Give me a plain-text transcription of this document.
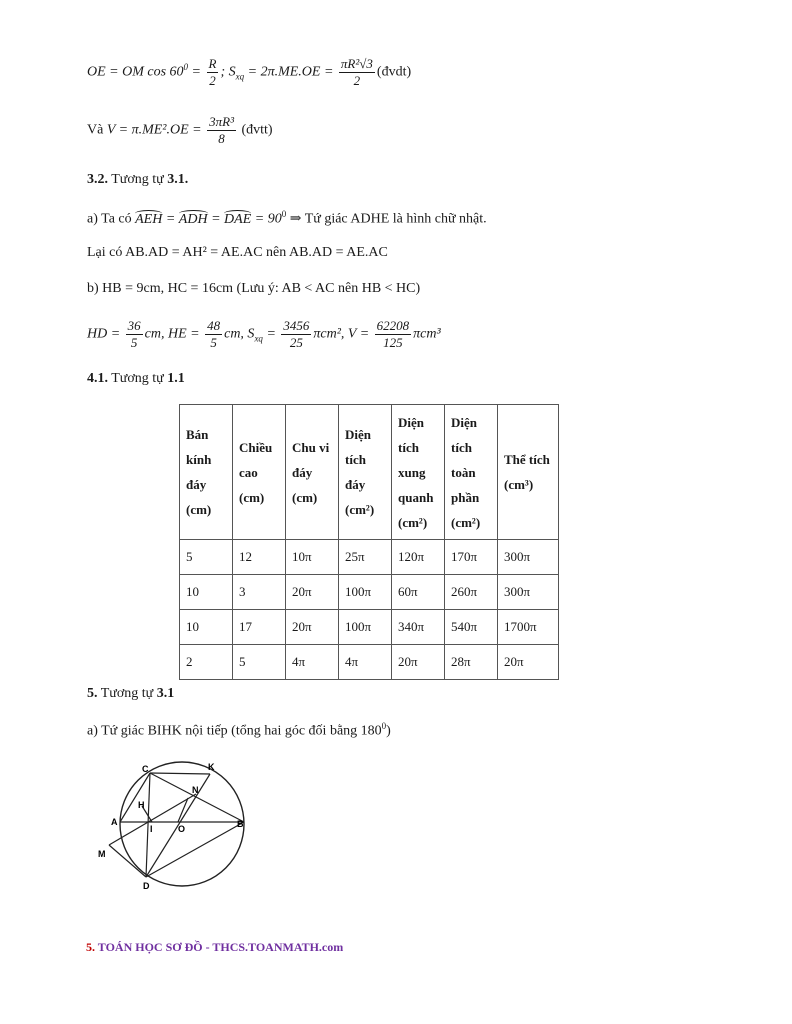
OE = OM $\cos 60^0 = \frac{R}{2}$ ; $S_{xq} = 2\pi.ME.OE = \frac{\text{πR²√3}}{2}$ (đvdt)
Và $V = \pi.ME^2.OE = \frac{\text{3πR³}}{8}$ (đvtt)
3.2. Tương tự 3.1.
a) Ta có AEH = ADH = DAE = $90^0$ ⇒ Tứ giác ADHE là hình chữ nhật.
Lại có AB.AD = AH² = AE.AC nên AB.AD = AE.AC
b) HB = 9cm, HC = 16cm (Lưu ý: AB < AC nên HB < HC)
HD = $\frac{36}{5}$ cm, HE = $\frac{48}{5}$ cm, $S_{xq} = \frac{3456}{25} \pi cm^2$, $V = \frac{62208}{125} \pi cm^3$
4.1. Tương tự 1.1
Bán kính đáy (cm)	Chiều cao (cm)	Chu vi đáy (cm)	Diện tích đáy (cm²)	Diện tích xung quanh (cm²)	Diện tích toàn phần (cm²)	Thể tích (cm³)
5	12	10π	25π	120π	170π	300π
10	3	20π	100π	60π	260π	300π
10	17	20π	100π	340π	540π	1700π
2	5	4π	4π	20π	28π	20π
5. Tương tự 3.1
a) Tứ giác BIHK nội tiếp (tổng hai góc đối bằng $180^0$)
C	K
N
H
A
I	O	B
M
D
5. TOÁN HỌC SƠ ĐỒ - THCS.TOANMATH.com
